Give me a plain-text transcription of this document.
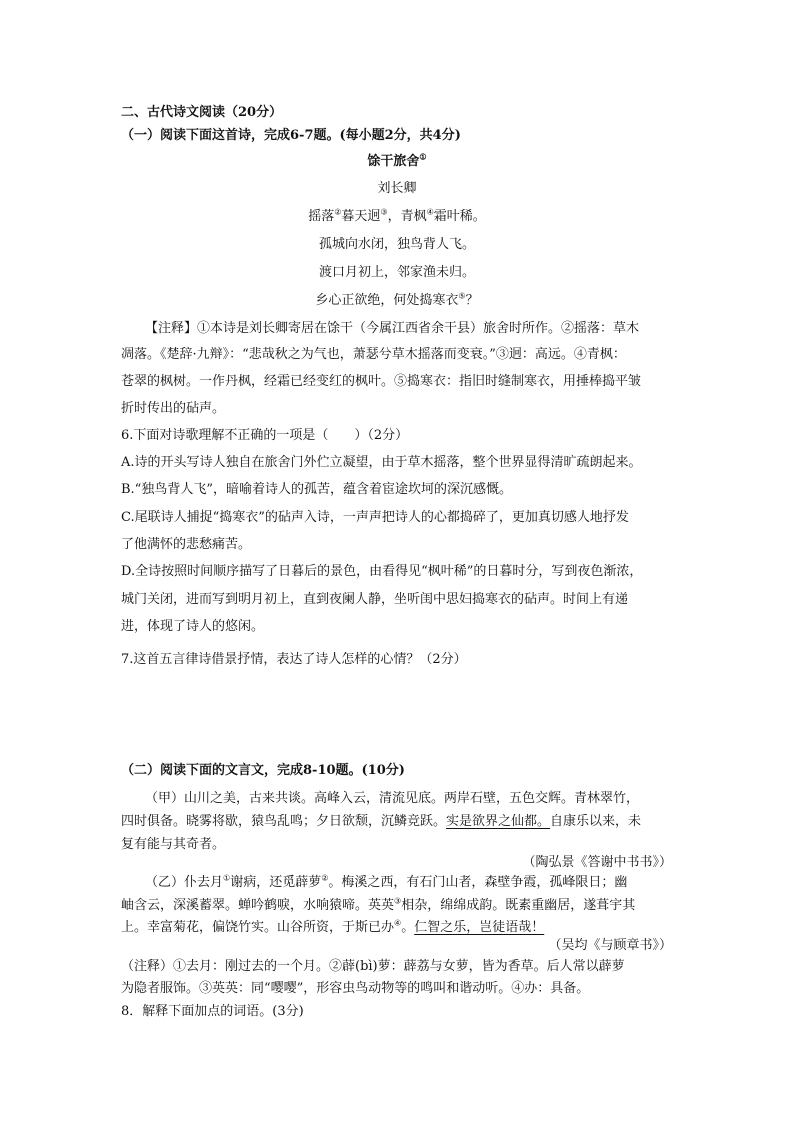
二、古代诗文阅读（20分）
（一）阅读下面这首诗，完成6-7题。(每小题2分，共4分)
馀干旅舍①
刘长卿
摇落②暮天迥③，青枫④霜叶稀。
孤城向水闭，独鸟背人飞。
渡口月初上，邻家渔未归。
乡心正欲绝，何处捣寒衣⑤？
【注释】①本诗是刘长卿寄居在馀干（今属江西省余干县）旅舍时所作。②摇落：草木
凋落。《楚辞·九辩》：“悲哉秋之为气也，萧瑟兮草木摇落而变衰。”③迥：高远。④青枫：
苍翠的枫树。一作丹枫，经霜已经变红的枫叶。⑤捣寒衣：指旧时缝制寒衣，用捶棒捣平皱
折时传出的砧声。
6.下面对诗歌理解不正确的一项是（　　）（2分）
A.诗的开头写诗人独自在旅舍门外伫立凝望，由于草木摇落，整个世界显得清旷疏朗起来。
B.“独鸟背人飞”，暗喻着诗人的孤苦，蕴含着宦途坎坷的深沉感慨。
C.尾联诗人捕捉“捣寒衣”的砧声入诗，一声声把诗人的心都捣碎了，更加真切感人地抒发
了他满怀的悲愁痛苦。
D.全诗按照时间顺序描写了日暮后的景色，由看得见“枫叶稀”的日暮时分，写到夜色渐浓，
城门关闭，进而写到明月初上，直到夜阑人静，坐听闺中思妇捣寒衣的砧声。时间上有递
进，体现了诗人的悠闲。
7.这首五言律诗借景抒情，表达了诗人怎样的心情？（2分）
（二）阅读下面的文言文，完成8-10题。(10分)
（甲）山川之美，古来共谈。高峰入云，清流见底。两岸石壁，五色交辉。青林翠竹，
四时俱备。晓雾将歇，猿鸟乱鸣；夕日欲颓，沉鳞竞跃。实是欲界之仙都。自康乐以来，未
复有能与其奇者。
（陶弘景《答谢中书书》）
（乙）仆去月①谢病，还觅薜萝②。梅溪之西，有石门山者，森壁争霞，孤峰限日；幽
岫含云，深溪蓄翠。蝉吟鹤唳，水响猿啼。英英③相杂，绵绵成韵。既素重幽居，遂葺宇其
上。幸富菊花，偏饶竹实。山谷所资，于斯已办④。仁智之乐，岂徒语哉！
（吴均《与顾章书》）
（注释）①去月：刚过去的一个月。②薜(bì)萝：薜荔与女萝，皆为香草。后人常以薜萝
为隐者服饰。③英英：同“嘤嘤”，形容虫鸟动物等的鸣叫和谐动听。④办：具备。
8．解释下面加点的词语。(3分)
